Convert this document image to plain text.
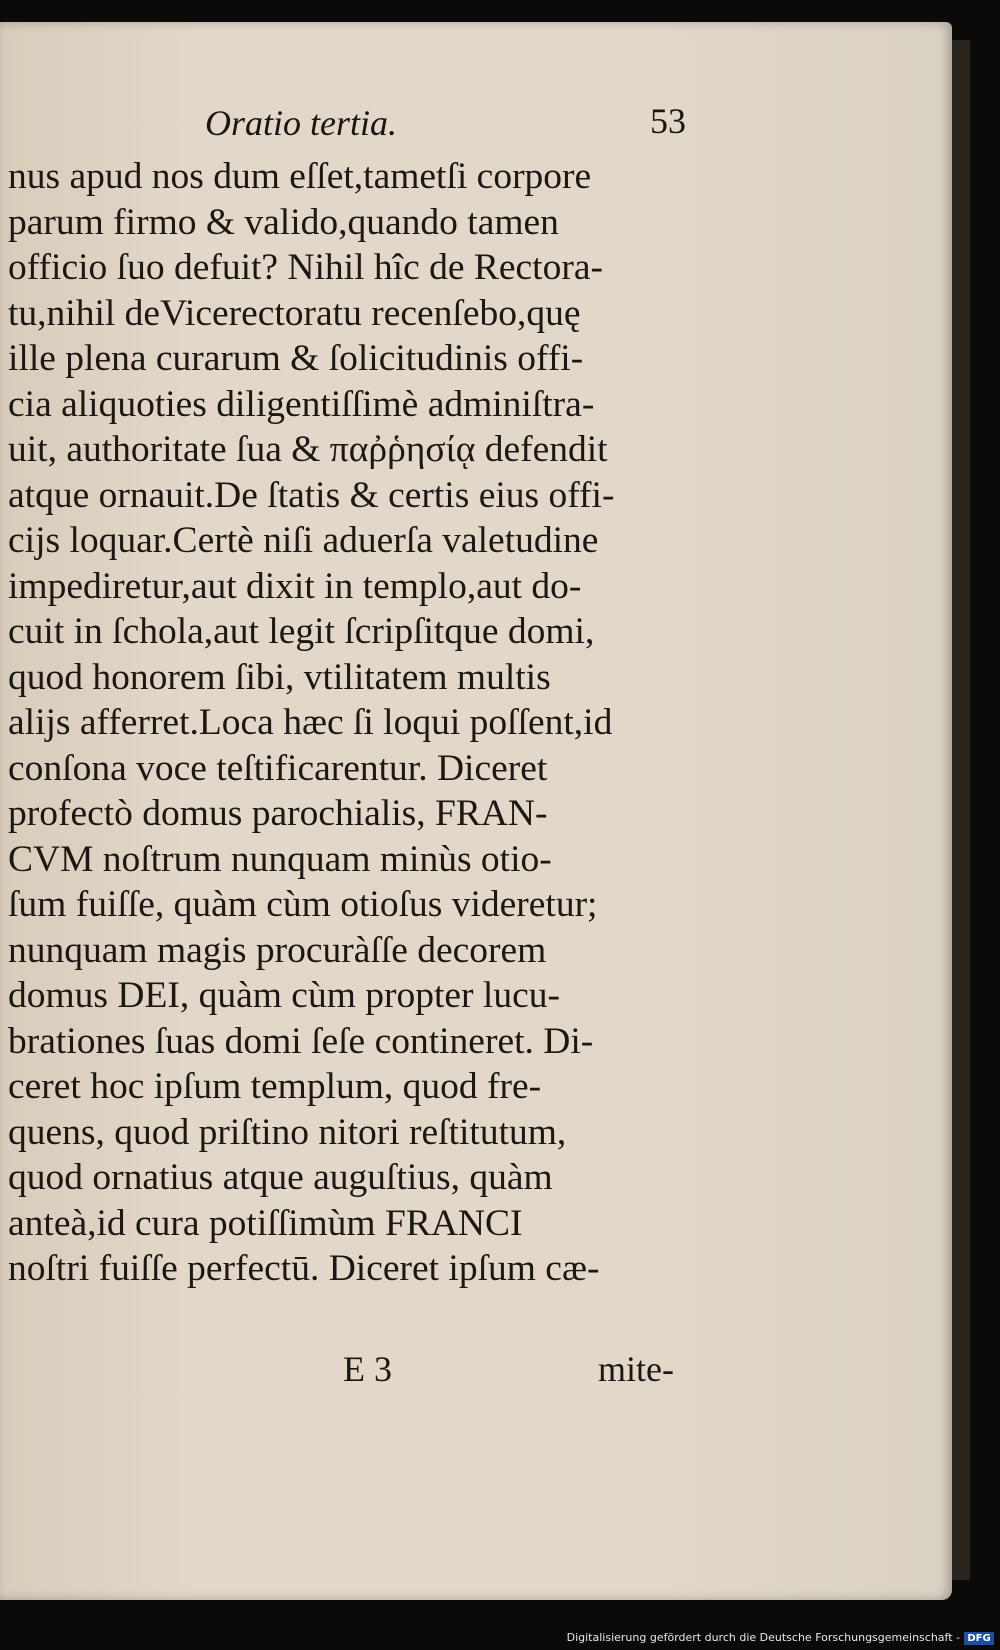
Oratio tertia.	53
nus apud nos dum eſſet,tametſi corpore
parum firmo & valido,quando tamen
officio ſuo defuit? Nihil hîc de Rectora-
tu,nihil deVicerectoratu recenſebo,quę
ille plena curarum & ſolicitudinis offi-
cia aliquoties diligentiſſimè adminiſtra-
uit, authoritate ſua & παῤῥησίᾳ defendit
atque ornauit.De ſtatis & certis eius offi-
cijs loquar.Certè niſi aduerſa valetudine
impediretur,aut dixit in templo,aut do-
cuit in ſchola,aut legit ſcripſitque domi,
quod honorem ſibi, vtilitatem multis
alijs afferret.Loca hæc ſi loqui poſſent,id
conſona voce teſtificarentur. Diceret
profectò domus parochialis, FRAN-
CVM noſtrum nunquam minùs otio-
ſum fuiſſe, quàm cùm otioſus videretur;
nunquam magis procuràſſe decorem
domus DEI, quàm cùm propter lucu-
brationes ſuas domi ſeſe contineret. Di-
ceret hoc ipſum templum, quod fre-
quens, quod priſtino nitori reſtitutum,
quod ornatius atque auguſtius, quàm
anteà,id cura potiſſimùm FRANCI
noſtri fuiſſe perfectū. Diceret ipſum cæ-
E 3	mite-
Digitalisierung gefördert durch die Deutsche Forschungsgemeinschaft - DFG
